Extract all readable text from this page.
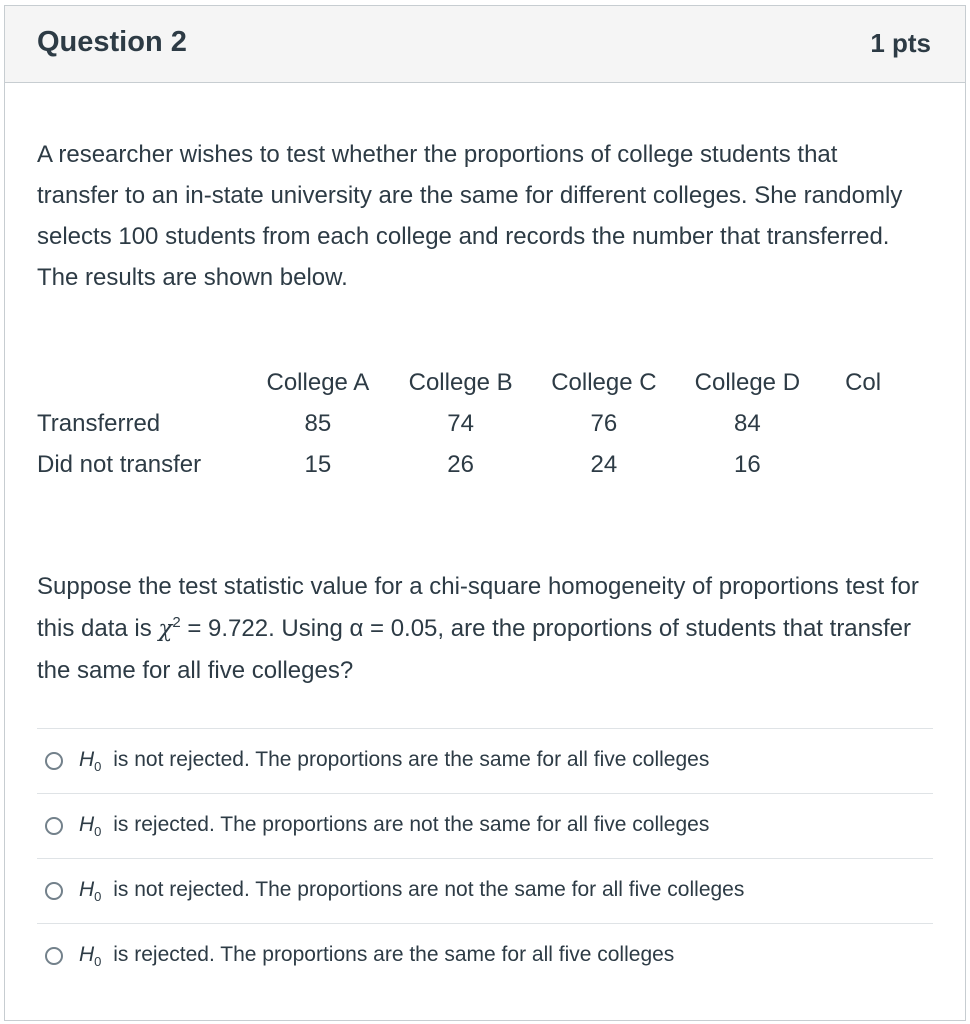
Question 2	1 pts
A researcher wishes to test whether the proportions of college students that transfer to an in-state university are the same for different colleges. She randomly selects 100 students from each college and records the number that transferred. The results are shown below.
	College A	College B	College C	College D	Col
Transferred	85	74	76	84	
Did not transfer	15	26	24	16	
Suppose the test statistic value for a chi-square homogeneity of proportions test for this data is $\chi^2 = 9.722$. Using α = 0.05, are the proportions of students that transfer the same for all five colleges?
$H_0$ is not rejected. The proportions are the same for all five colleges
$H_0$ is rejected. The proportions are not the same for all five colleges
$H_0$ is not rejected. The proportions are not the same for all five colleges
$H_0$ is rejected. The proportions are the same for all five colleges
